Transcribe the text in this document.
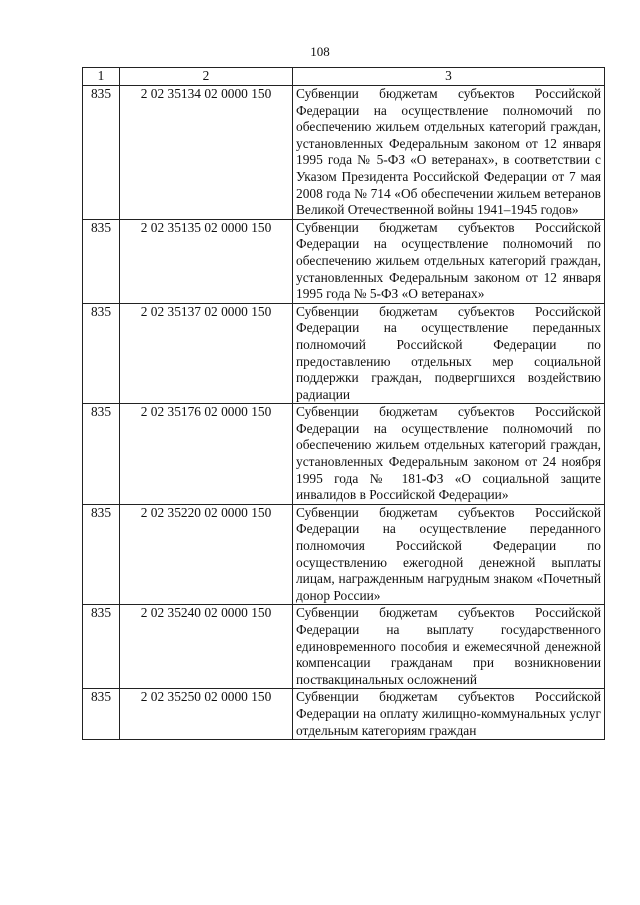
108
1	2	3
835	2 02 35134 02 0000 150	Субвенции бюджетам субъектов Российской Федерации на осуществление полномочий по обеспечению жильем отдельных категорий граждан, установленных Федеральным законом от 12 января 1995 года № 5-ФЗ «О ветеранах», в соответствии с Указом Президента Российской Федерации от 7 мая 2008 года № 714 «Об обеспечении жильем ветеранов Великой Отечественной войны 1941–1945 годов»
835	2 02 35135 02 0000 150	Субвенции бюджетам субъектов Российской Федерации на осуществление полномочий по обеспечению жильем отдельных категорий граждан, установленных Федеральным законом от 12 января 1995 года № 5-ФЗ «О ветеранах»
835	2 02 35137 02 0000 150	Субвенции бюджетам субъектов Российской Федерации на осуществление переданных полномочий Российской Федерации по предоставлению отдельных мер социальной поддержки граждан, подвергшихся воздействию радиации
835	2 02 35176 02 0000 150	Субвенции бюджетам субъектов Российской Федерации на осуществление полномочий по обеспечению жильем отдельных категорий граждан, установленных Федеральным законом от 24 ноября 1995 года № 181-ФЗ «О социальной защите инвалидов в Российской Федерации»
835	2 02 35220 02 0000 150	Субвенции бюджетам субъектов Российской Федерации на осуществление переданного полномочия Российской Федерации по осуществлению ежегодной денежной выплаты лицам, награжденным нагрудным знаком «Почетный донор России»
835	2 02 35240 02 0000 150	Субвенции бюджетам субъектов Российской Федерации на выплату государственного единовременного пособия и ежемесячной денежной компенсации гражданам при возникновении поствакцинальных осложнений
835	2 02 35250 02 0000 150	Субвенции бюджетам субъектов Российской Федерации на оплату жилищно-коммунальных услуг отдельным категориям граждан
